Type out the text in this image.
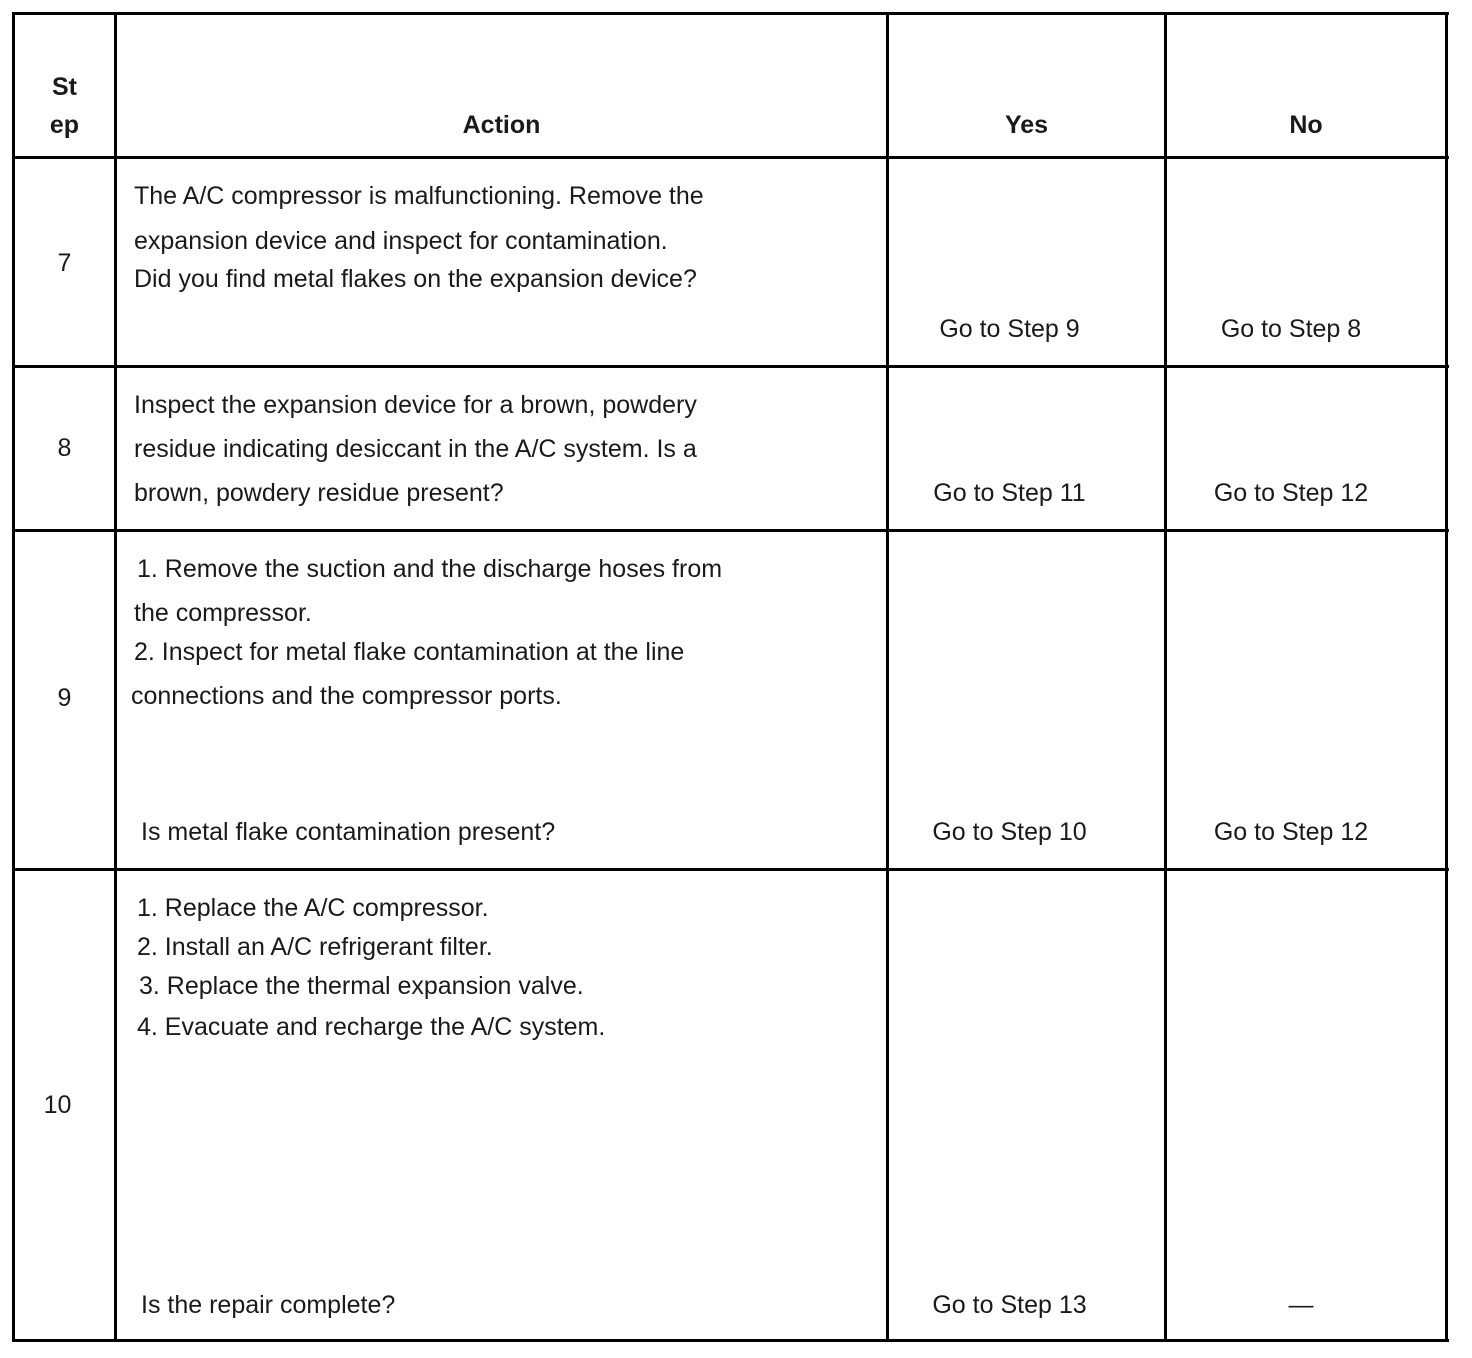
St
ep	Action	Yes	No
7
The A/C compressor is malfunctioning. Remove the
expansion device and inspect for contamination.
Did you find metal flakes on the expansion device?
Go to Step 9	Go to Step 8
8
Inspect the expansion device for a brown, powdery
residue indicating desiccant in the A/C system. Is a
brown, powdery residue present?	Go to Step 11	Go to Step 12
9
1. Remove the suction and the discharge hoses from
the compressor.
2. Inspect for metal flake contamination at the line
connections and the compressor ports.
Is metal flake contamination present?	Go to Step 10	Go to Step 12
10
1. Replace the A/C compressor.
2. Install an A/C refrigerant filter.
3. Replace the thermal expansion valve.
4. Evacuate and recharge the A/C system.
Is the repair complete?	Go to Step 13	—
